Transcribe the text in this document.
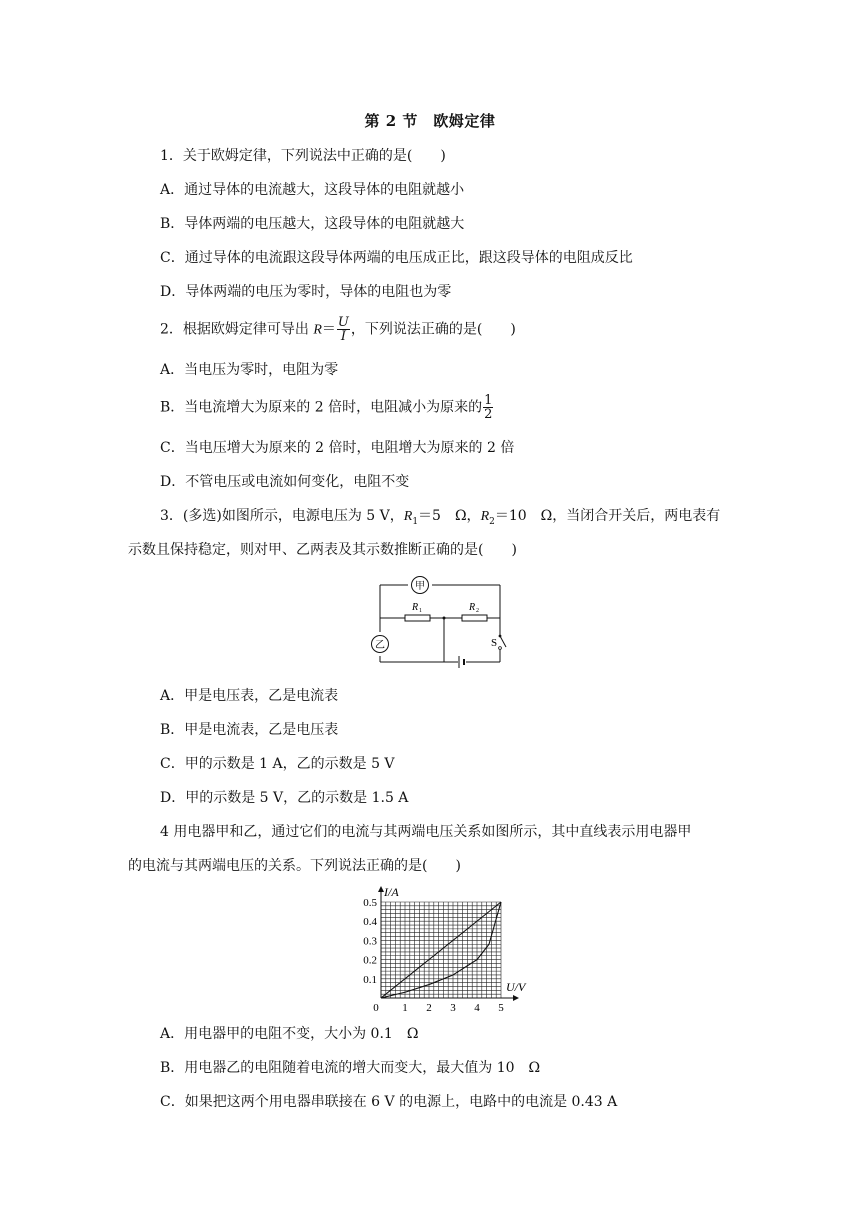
第 2 节　欧姆定律
1．关于欧姆定律，下列说法中正确的是(　　)
A．通过导体的电流越大，这段导体的电阻就越小
B．导体两端的电压越大，这段导体的电阻就越大
C．通过导体的电流跟这段导体两端的电压成正比，跟这段导体的电阻成反比
D．导体两端的电压为零时，导体的电阻也为零
2．根据欧姆定律可导出 $R= \frac{U}{I}$ ，下列说法正确的是(　　)
A．当电压为零时，电阻为零
B．当电流增大为原来的 2 倍时，电阻减小为原来的 $\frac{1}{2}$
C．当电压增大为原来的 2 倍时，电阻增大为原来的 2 倍
D．不管电压或电流如何变化，电阻不变
3．(多选)如图所示，电源电压为 5 V，$R_1=5$　Ω，$R_2=10$　Ω，当闭合开关后，两电表有
示数且保持稳定，则对甲、乙两表及其示数推断正确的是(　　)
甲
乙
R 1	R 2
S
A．甲是电压表，乙是电流表
B．甲是电流表，乙是电压表
C．甲的示数是 1 A，乙的示数是 5 V
D．甲的示数是 5 V，乙的示数是 1.5 A
4 用电器甲和乙，通过它们的电流与其两端电压关系如图所示，其中直线表示用电器甲
的电流与其两端电压的关系。下列说法正确的是(　　)
0 1 2 3 4 5
0.1
0.2
0.3
0.4
0.5
I/A
U/V
A．用电器甲的电阻不变，大小为 0.1　Ω
B．用电器乙的电阻随着电流的增大而变大，最大值为 10　Ω
C．如果把这两个用电器串联接在 6 V 的电源上，电路中的电流是 0.43 A
